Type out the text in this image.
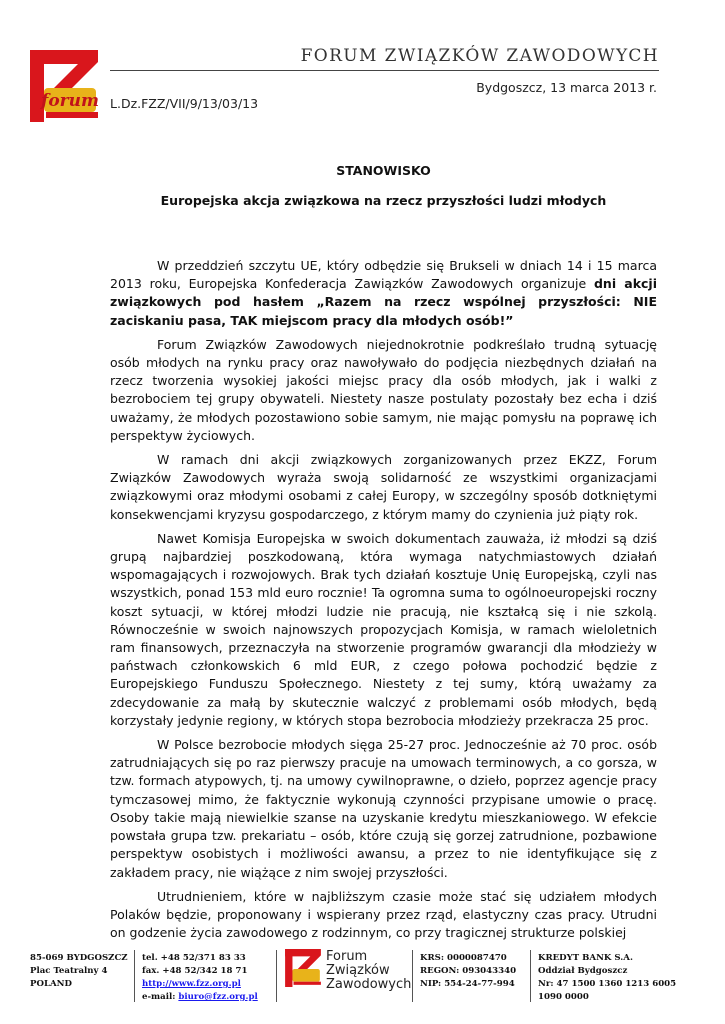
forum
FORUM ZWIĄZKÓW ZAWODOWYCH
Bydgoszcz, 13 marca 2013 r.
L.Dz.FZZ/VII/9/13/03/13
STANOWISKO
Europejska akcja związkowa na rzecz przyszłości ludzi młodych

W przeddzień szczytu UE, który odbędzie się Brukseli w dniach 14 i 15 marca 2013 roku, Europejska Konfederacja Zawiązków Zawodowych organizuje dni akcji związkowych pod hasłem „Razem na rzecz wspólnej przyszłości: NIE zaciskaniu pasa, TAK miejscom pracy dla młodych osób!”

Forum Związków Zawodowych niejednokrotnie podkreślało trudną sytuację osób młodych na rynku pracy oraz nawoływało do podjęcia niezbędnych działań na rzecz tworzenia wysokiej jakości miejsc pracy dla osób młodych, jak i walki z bezrobociem tej grupy obywateli. Niestety nasze postulaty pozostały bez echa i dziś uważamy, że młodych pozostawiono sobie samym, nie mając pomysłu na poprawę ich perspektyw życiowych.

W ramach dni akcji związkowych zorganizowanych przez EKZZ, Forum Związków Zawodowych wyraża swoją solidarność ze wszystkimi organizacjami związkowymi oraz młodymi osobami z całej Europy, w szczególny sposób dotkniętymi konsekwencjami kryzysu gospodarczego, z którym mamy do czynienia już piąty rok.

Nawet Komisja Europejska w swoich dokumentach zauważa, iż młodzi są dziś grupą najbardziej poszkodowaną, która wymaga natychmiastowych działań wspomagających i rozwojowych. Brak tych działań kosztuje Unię Europejską, czyli nas wszystkich, ponad 153 mld euro rocznie! Ta ogromna suma to ogólnoeuropejski roczny koszt sytuacji, w której młodzi ludzie nie pracują, nie kształcą się i nie szkolą. Równocześnie w swoich najnowszych propozycjach Komisja, w ramach wieloletnich ram finansowych, przeznaczyła na stworzenie programów gwarancji dla młodzieży w państwach członkowskich 6 mld EUR, z czego połowa pochodzić będzie z Europejskiego Funduszu Społecznego. Niestety z tej sumy, którą uważamy za zdecydowanie za małą by skutecznie walczyć z problemami osób młodych, będą korzystały jedynie regiony, w których stopa bezrobocia młodzieży przekracza 25 proc.

W Polsce bezrobocie młodych sięga 25-27 proc. Jednocześnie aż 70 proc. osób zatrudniających się po raz pierwszy pracuje na umowach terminowych, a co gorsza, w tzw. formach atypowych, tj. na umowy cywilnoprawne, o dzieło, poprzez agencje pracy tymczasowej mimo, że faktycznie wykonują czynności przypisane umowie o pracę. Osoby takie mają niewielkie szanse na uzyskanie kredytu mieszkaniowego. W efekcie powstała grupa tzw. prekariatu – osób, które czują się gorzej zatrudnione, pozbawione perspektyw osobistych i możliwości awansu, a przez to nie identyfikujące się z zakładem pracy, nie wiążące z nim swojej przyszłości.

Utrudnieniem, które w najbliższym czasie może stać się udziałem młodych Polaków będzie, proponowany i wspierany przez rząd, elastyczny czas pracy. Utrudni on godzenie życia zawodowego z rodzinnym, co przy tragicznej strukturze polskiej

85-069 BYDGOSZCZ
Plac Teatralny 4
POLAND
tel. +48 52/371 83 33
fax. +48 52/342 18 71
http://www.fzz.org.pl
e-mail: biuro@fzz.org.pl
Forum
Związków
Zawodowych
KRS: 0000087470
REGON: 093043340
NIP: 554-24-77-994
KREDYT BANK S.A.
Oddział Bydgoszcz
Nr: 47 1500 1360 1213 6005
1090 0000
